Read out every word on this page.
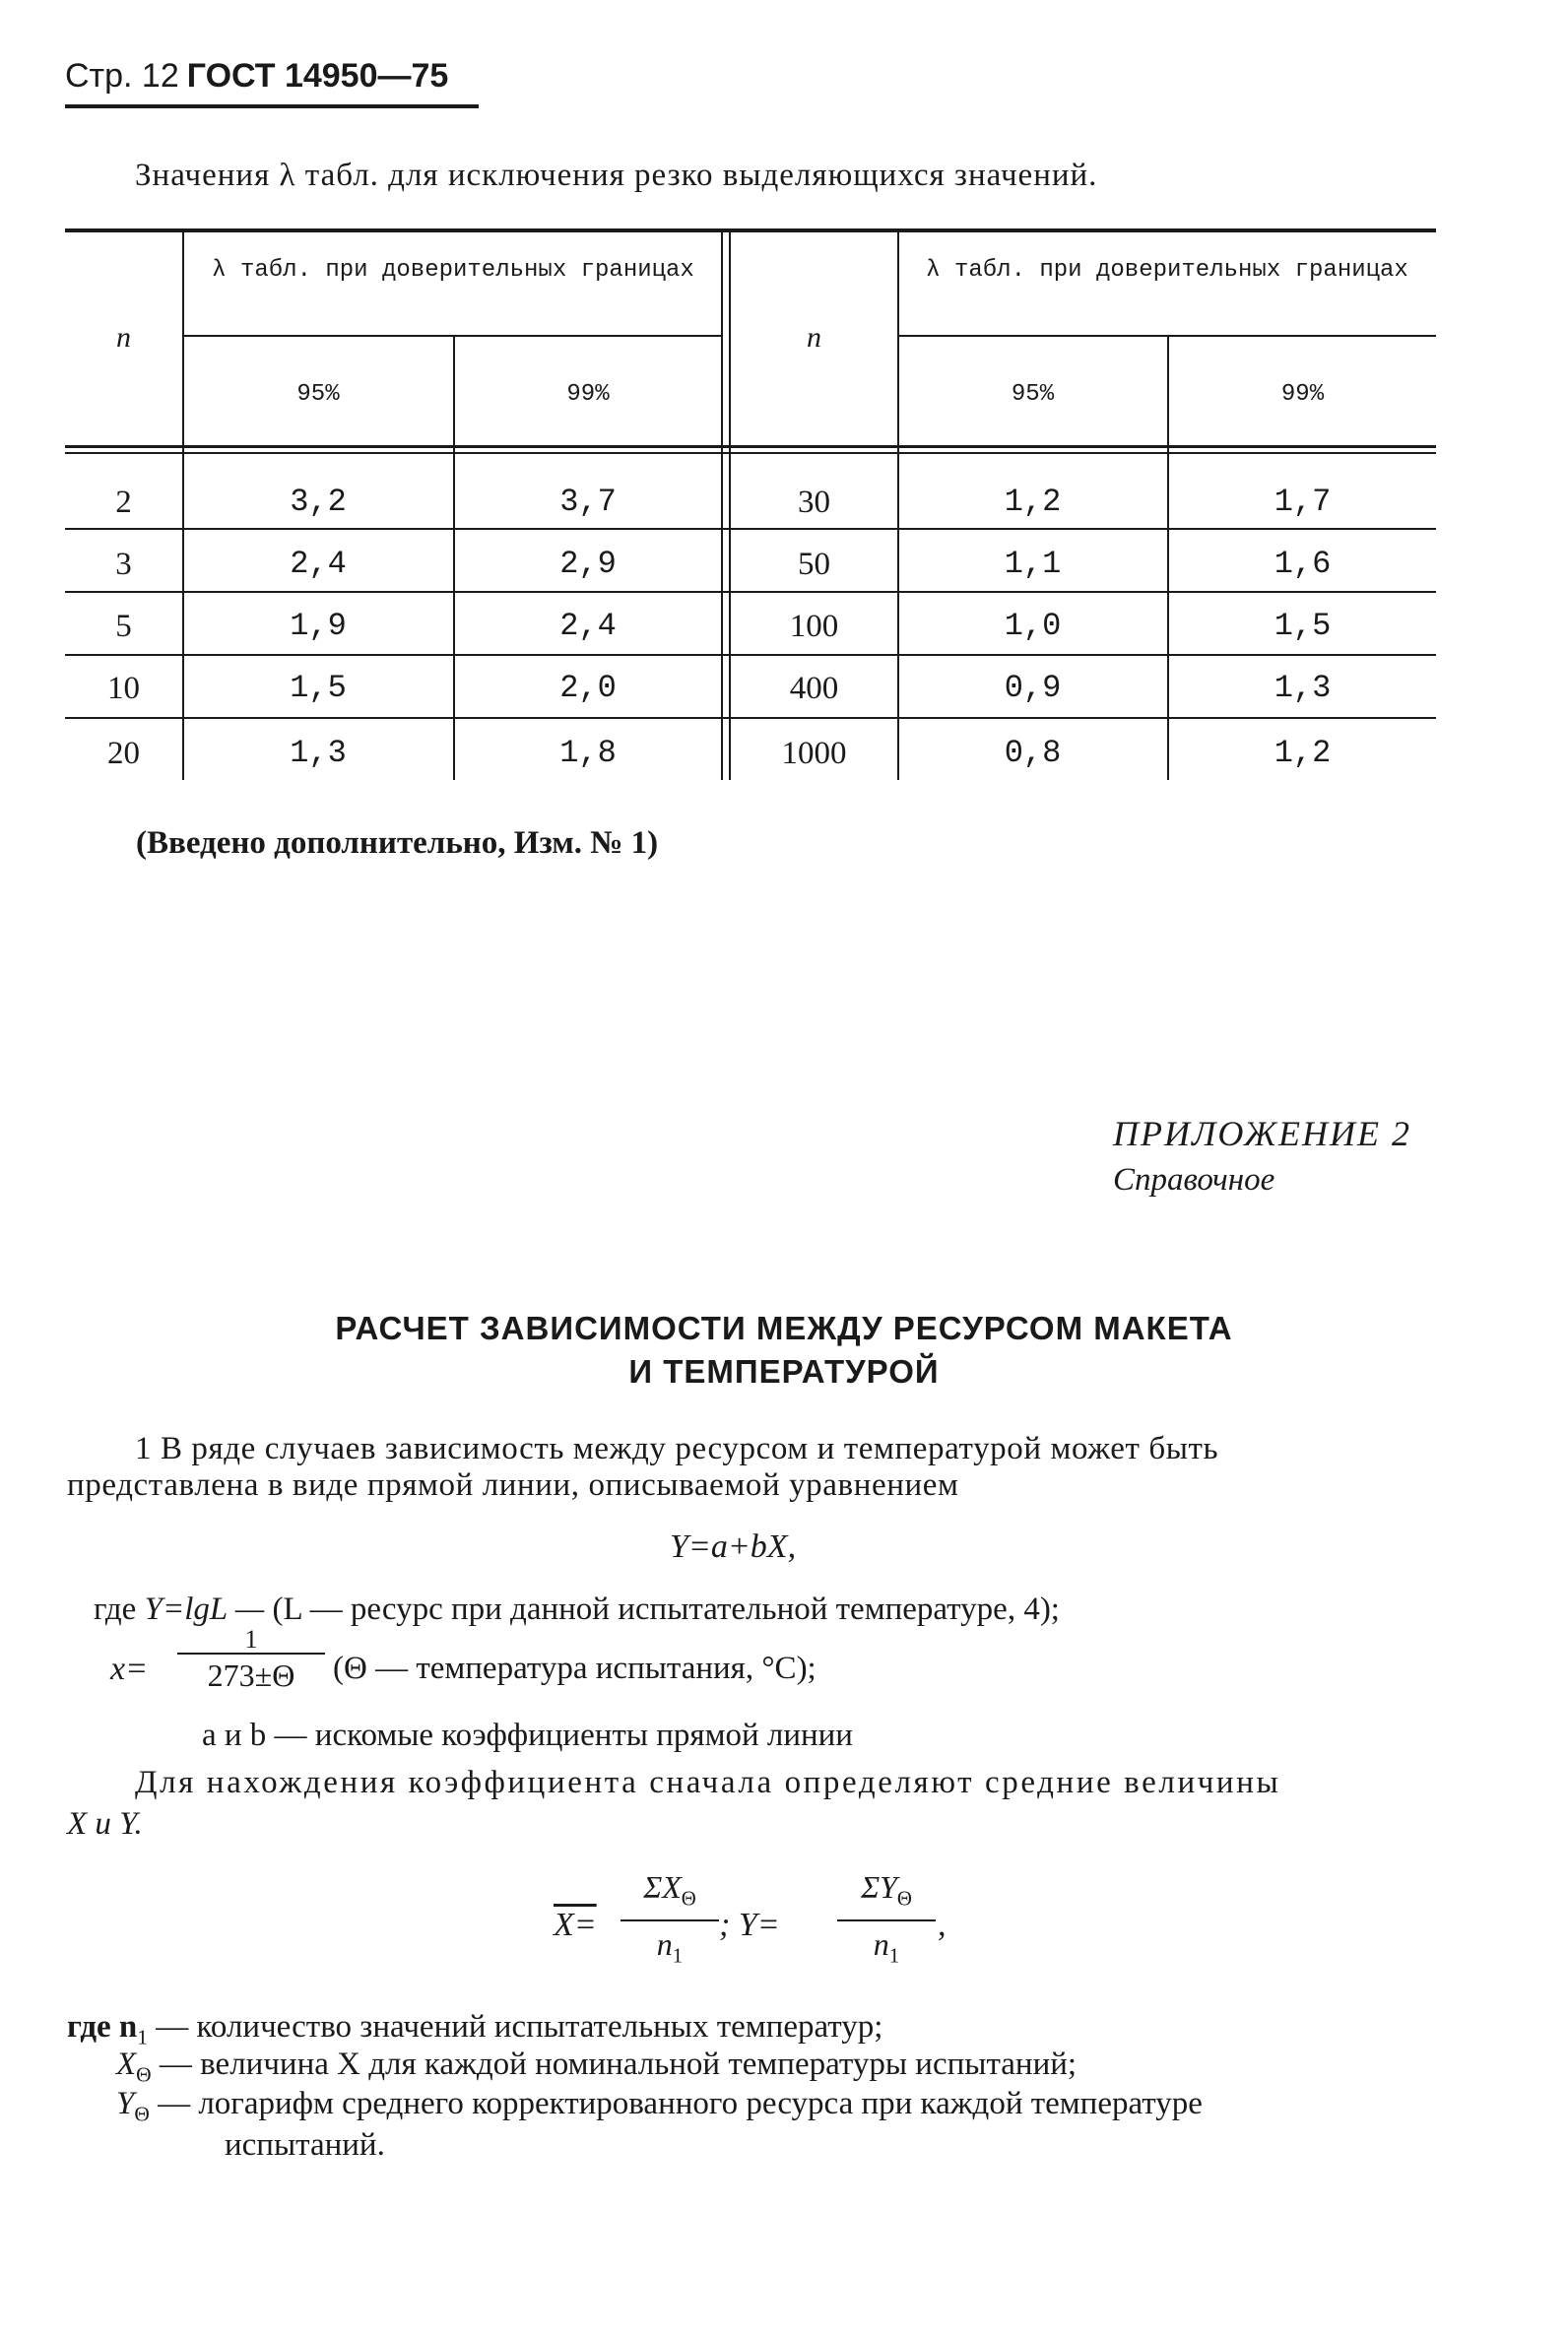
Стр. 12 ГОСТ 14950—75
Значения λ табл. для исключения резко выделяющихся значений.
n
λ табл. при доверительных границах
95%	99%
n
λ табл. при доверительных границах
95%	99%
2	3,2	3,7	30	1,2	1,7
3	2,4	2,9	50	1,1	1,6
5	1,9	2,4	100	1,0	1,5
10	1,5	2,0	400	0,9	1,3
20	1,3	1,8	1000	0,8	1,2
(Введено дополнительно, Изм. № 1)
ПРИЛОЖЕНИЕ 2
Справочное
РАСЧЕТ ЗАВИСИМОСТИ МЕЖДУ РЕСУРСОМ МАКЕТА
И ТЕМПЕРАТУРОЙ
1 В ряде случаев зависимость между ресурсом и температурой может быть
представлена в виде прямой линии, описываемой уравнением
Y=a+bX,
где Y=lgL — (L — ресурс при данной испытательной температуре, 4);
x=
1
273±Θ	(Θ — температура испытания, °C);
a и b — искомые коэффициенты прямой линии
Для нахождения коэффициента сначала определяют средние величины
X и Y.
X=
$\Sigma X_\Theta$
$n_1$
; Y=
$\Sigma Y_\Theta$
$n_1$
,
где $n_1$ — количество значений испытательных температур;
$X_\Theta$ — величина X для каждой номинальной температуры испытаний;
$Y_\Theta$ — логарифм среднего корректированного ресурса при каждой температуре
испытаний.
